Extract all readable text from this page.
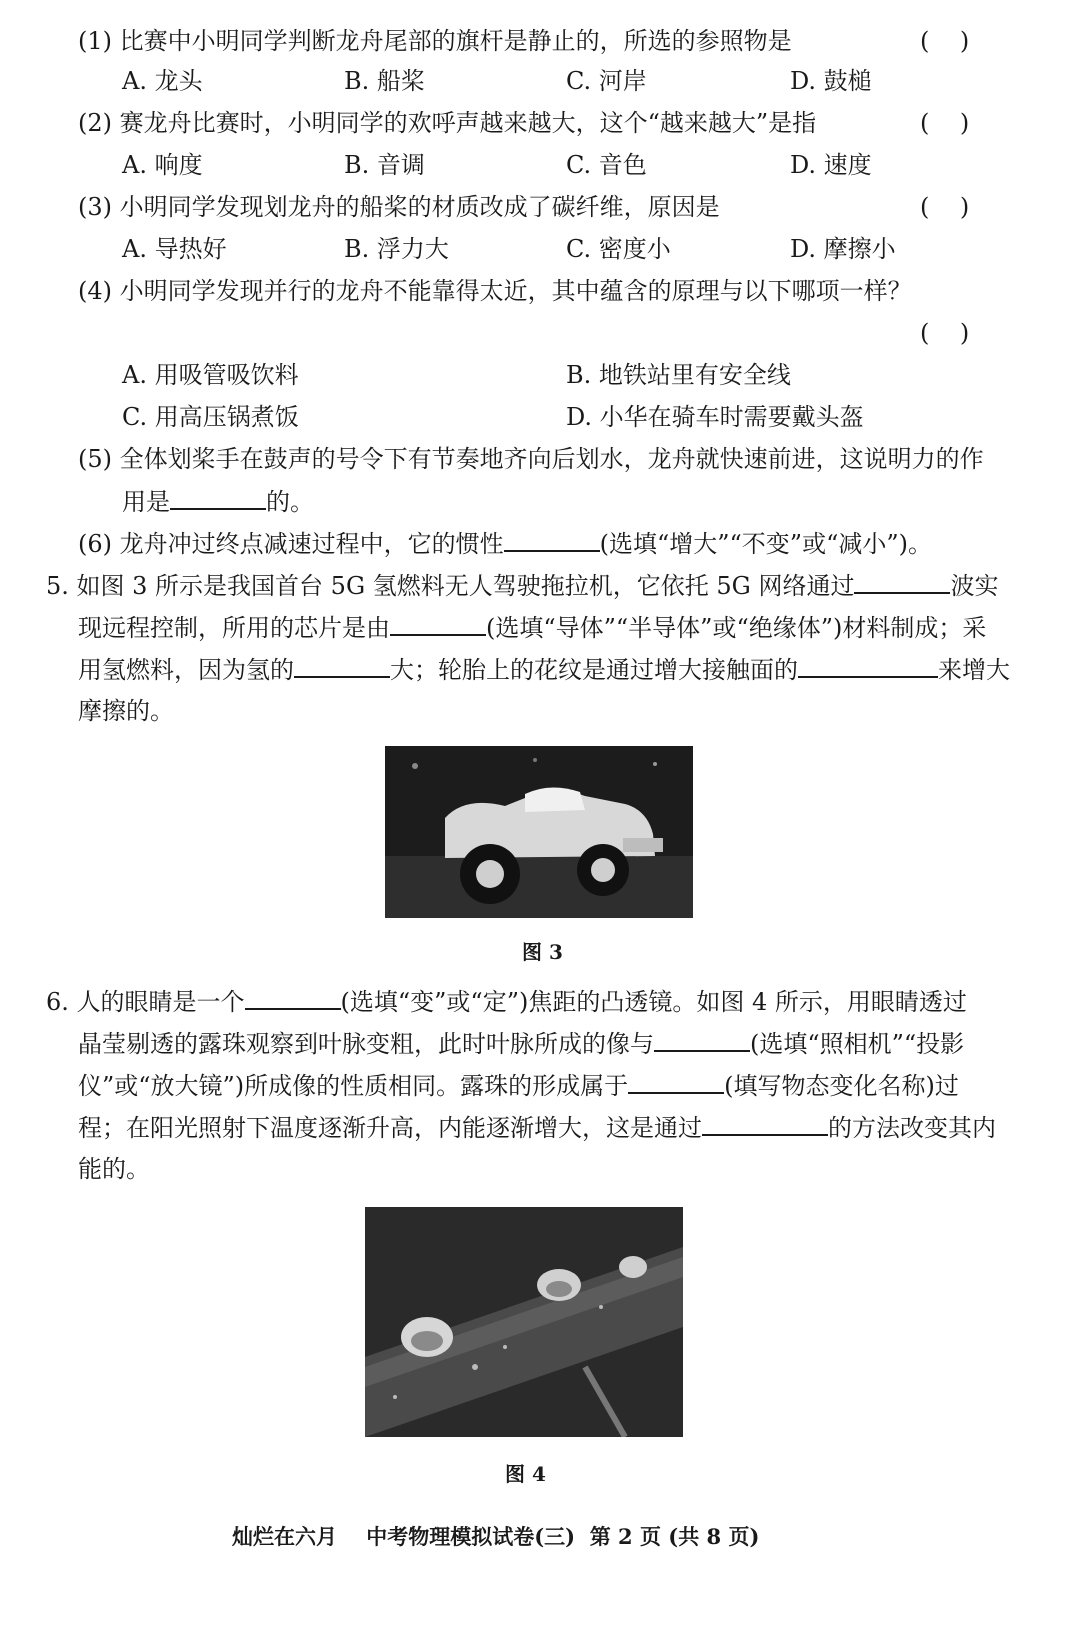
(1) 比赛中小明同学判断龙舟尾部的旗杆是静止的，所选的参照物是	(    )
A. 龙头	B. 船桨	C. 河岸	D. 鼓槌
(2) 赛龙舟比赛时，小明同学的欢呼声越来越大，这个“越来越大”是指	(    )
A. 响度	B. 音调	C. 音色	D. 速度
(3) 小明同学发现划龙舟的船桨的材质改成了碳纤维，原因是	(    )
A. 导热好	B. 浮力大	C. 密度小	D. 摩擦小
(4) 小明同学发现并行的龙舟不能靠得太近，其中蕴含的原理与以下哪项一样？
(    )
A. 用吸管吸饮料	B. 地铁站里有安全线
C. 用高压锅煮饭	D. 小华在骑车时需要戴头盔
(5) 全体划桨手在鼓声的号令下有节奏地齐向后划水，龙舟就快速前进，这说明力的作
用是	的。
(6) 龙舟冲过终点减速过程中，它的惯性	(选填“增大”“不变”或“减小”)。
5. 如图 3 所示是我国首台 5G 氢燃料无人驾驶拖拉机，它依托 5G 网络通过	波实
现远程控制，所用的芯片是由	(选填“导体”“半导体”或“绝缘体”)材料制成；采
用氢燃料，因为氢的	大；轮胎上的花纹是通过增大接触面的	来增大
摩擦的。
图 3
6. 人的眼睛是一个	(选填“变”或“定”)焦距的凸透镜。如图 4 所示，用眼睛透过
晶莹剔透的露珠观察到叶脉变粗，此时叶脉所成的像与	(选填“照相机”“投影
仪”或“放大镜”)所成像的性质相同。露珠的形成属于	(填写物态变化名称)过
程；在阳光照射下温度逐渐升高，内能逐渐增大，这是通过	的方法改变其内
能的。
图 4
灿烂在六月    中考物理模拟试卷(三)  第 2 页 (共 8 页)
